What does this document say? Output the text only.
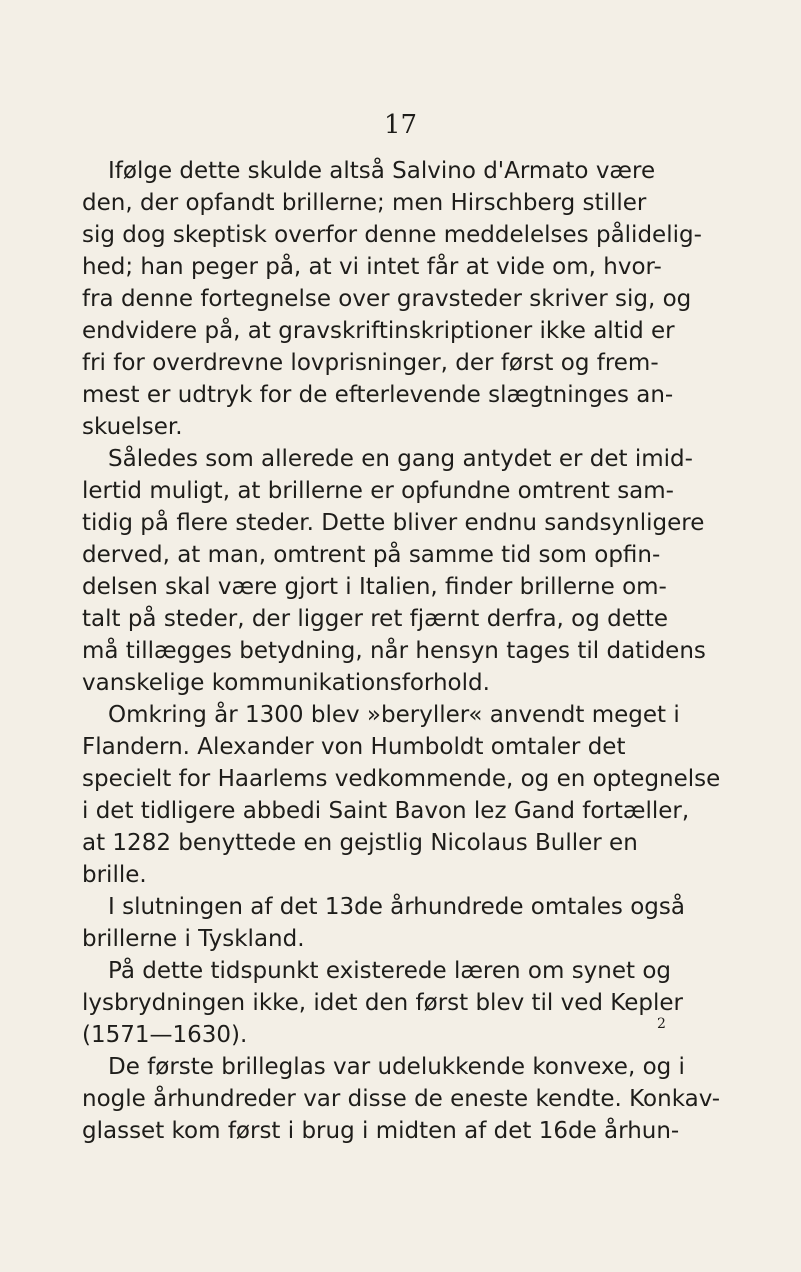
17
Ifølge dette skulde altså Salvino d'Armato være
den, der opfandt brillerne; men Hirschberg stiller
sig dog skeptisk overfor denne meddelelses pålidelig-
hed; han peger på, at vi intet får at vide om, hvor-
fra denne fortegnelse over gravsteder skriver sig, og
endvidere på, at gravskriftinskriptioner ikke altid er
fri for overdrevne lovprisninger, der først og frem-
mest er udtryk for de efterlevende slægtninges an-
skuelser.
Således som allerede en gang antydet er det imid-
lertid muligt, at brillerne er opfundne omtrent sam-
tidig på flere steder. Dette bliver endnu sandsynligere
derved, at man, omtrent på samme tid som opfin-
delsen skal være gjort i Italien, finder brillerne om-
talt på steder, der ligger ret fjærnt derfra, og dette
må tillægges betydning, når hensyn tages til datidens
vanskelige kommunikationsforhold.
Omkring år 1300 blev »beryller« anvendt meget i
Flandern. Alexander von Humboldt omtaler det
specielt for Haarlems vedkommende, og en optegnelse
i det tidligere abbedi Saint Bavon lez Gand fortæller,
at 1282 benyttede en gejstlig Nicolaus Buller en
brille.
I slutningen af det 13de århundrede omtales også
brillerne i Tyskland.
På dette tidspunkt existerede læren om synet og
lysbrydningen ikke, idet den først blev til ved Kepler
(1571—1630).
De første brilleglas var udelukkende konvexe, og i
nogle århundreder var disse de eneste kendte. Konkav-
glasset kom først i brug i midten af det 16de århun-
2
